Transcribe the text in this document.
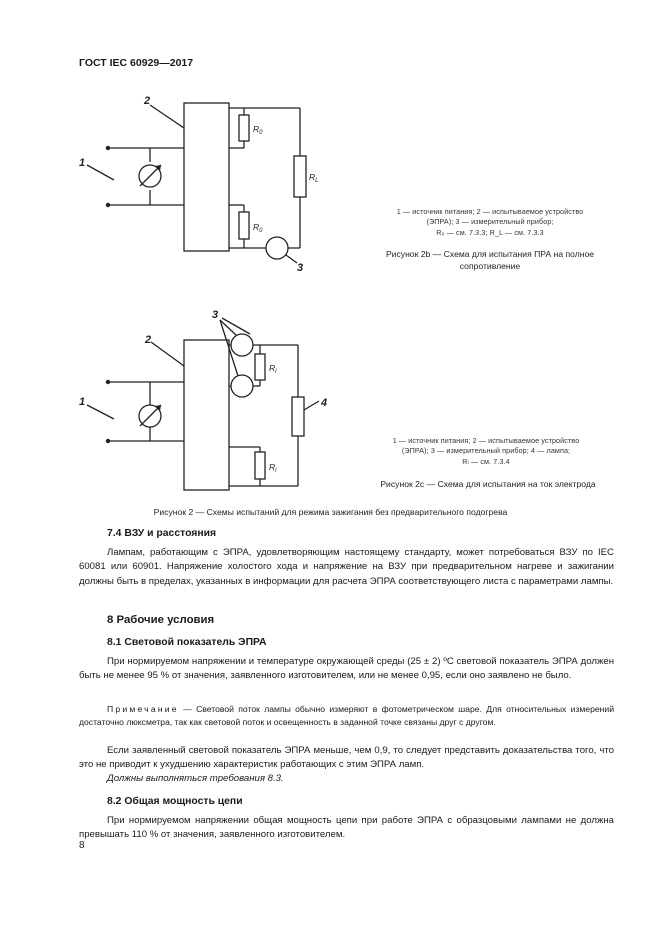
ГОСТ IEC 60929—2017
2
1
3
$R_0$
$R_0$
$R_L$
1 — источник питания; 2 — испытываемое устройство
(ЭПРА); 3 — измерительный прибор;
R₀ — см. 7.3.3; R_L — см. 7.3.3
Рисунок 2b — Схема для испытания ПРА на полное
сопротивление
2
1
3
4
$R_l$
$R_l$
1 — источник питания; 2 — испытываемое устройство
(ЭПРА); 3 — измерительный прибор; 4 — лампа;
Rₗ — см. 7.3.4
Рисунок 2с — Схема для испытания на ток электрода
Рисунок 2 — Схемы испытаний для режима зажигания без предварительного подогрева
7.4 ВЗУ и расстояния

Лампам, работающим с ЭПРА, удовлетворяющим настоящему стандарту, может потребоваться ВЗУ по IEC 60081 или 60901. Напряжение холостого хода и напряжение на ВЗУ при предварительном нагреве и зажигании должны быть в пределах, указанных в информации для расчета ЭПРА соответствующего листа с параметрами лампы.

8 Рабочие условия
8.1 Световой показатель ЭПРА

При нормируемом напряжении и температуре окружающей среды (25 ± 2) ºС световой показатель ЭПРА должен быть не менее 95 % от значения, заявленного изготовителем, или не менее 0,95, если оно заявлено не было.

Примечание — Световой поток лампы обычно измеряют в фотометрическом шаре. Для относительных измерений достаточно люксметра, так как световой поток и освещенность в заданной точке связаны друг с другом.

Если заявленный световой показатель ЭПРА меньше, чем 0,9, то следует представить доказательства того, что это не приводит к ухудшению характеристик работающих с этим ЭПРА ламп.

Должны выполняться требования 8.3.

8.2 Общая мощность цепи

При нормируемом напряжении общая мощность цепи при работе ЭПРА с образцовыми лампами не должна превышать 110 % от значения, заявленного изготовителем.

8
